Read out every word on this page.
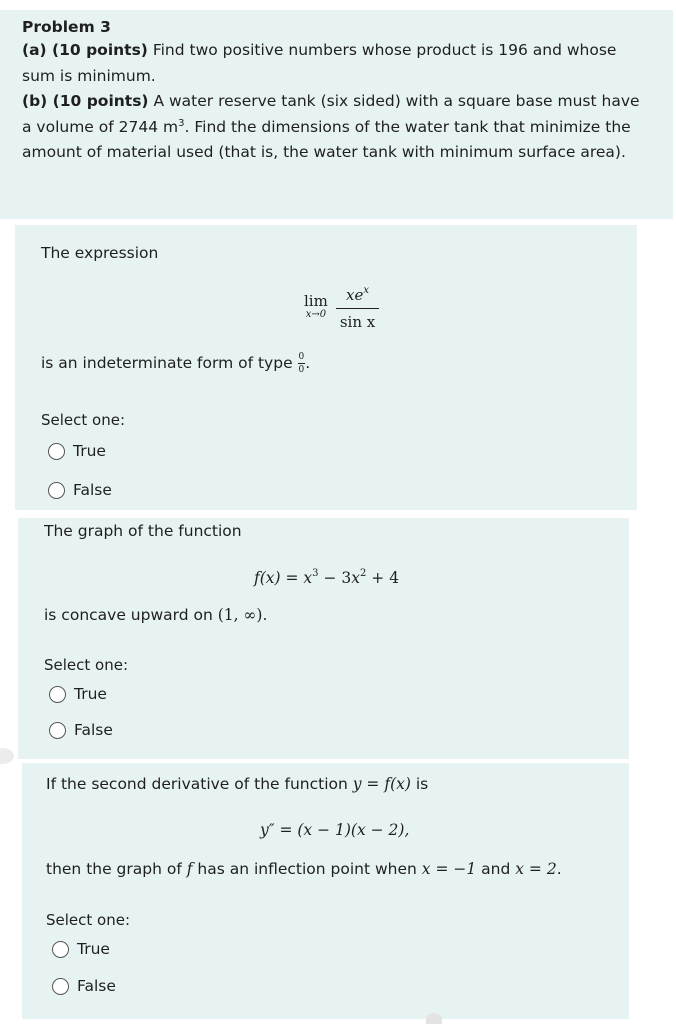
Problem 3

(a) (10 points) Find two positive numbers whose product is 196 and whose sum is minimum.

(b) (10 points) A water reserve tank (six sided) with a square base must have a volume of 2744 $m^3$. Find the dimensions of the water tank that minimize the amount of material used (that is, the water tank with minimum surface area).

The expression
lim
$x\to 0 \frac{xe^x}{\text{sin x}}$
is an indeterminate form of type $\frac{0}{0}$ .
Select one:
True
False
The graph of the function
$f(x) = x^3 - 3x^2 + 4$
is concave upward on (1, ∞).
Select one:
True
False
If the second derivative of the function y = f(x) is
y″ = (x − 1)(x − 2),
then the graph of f has an inflection point when x = −1 and x = 2.
Select one:
True
False
